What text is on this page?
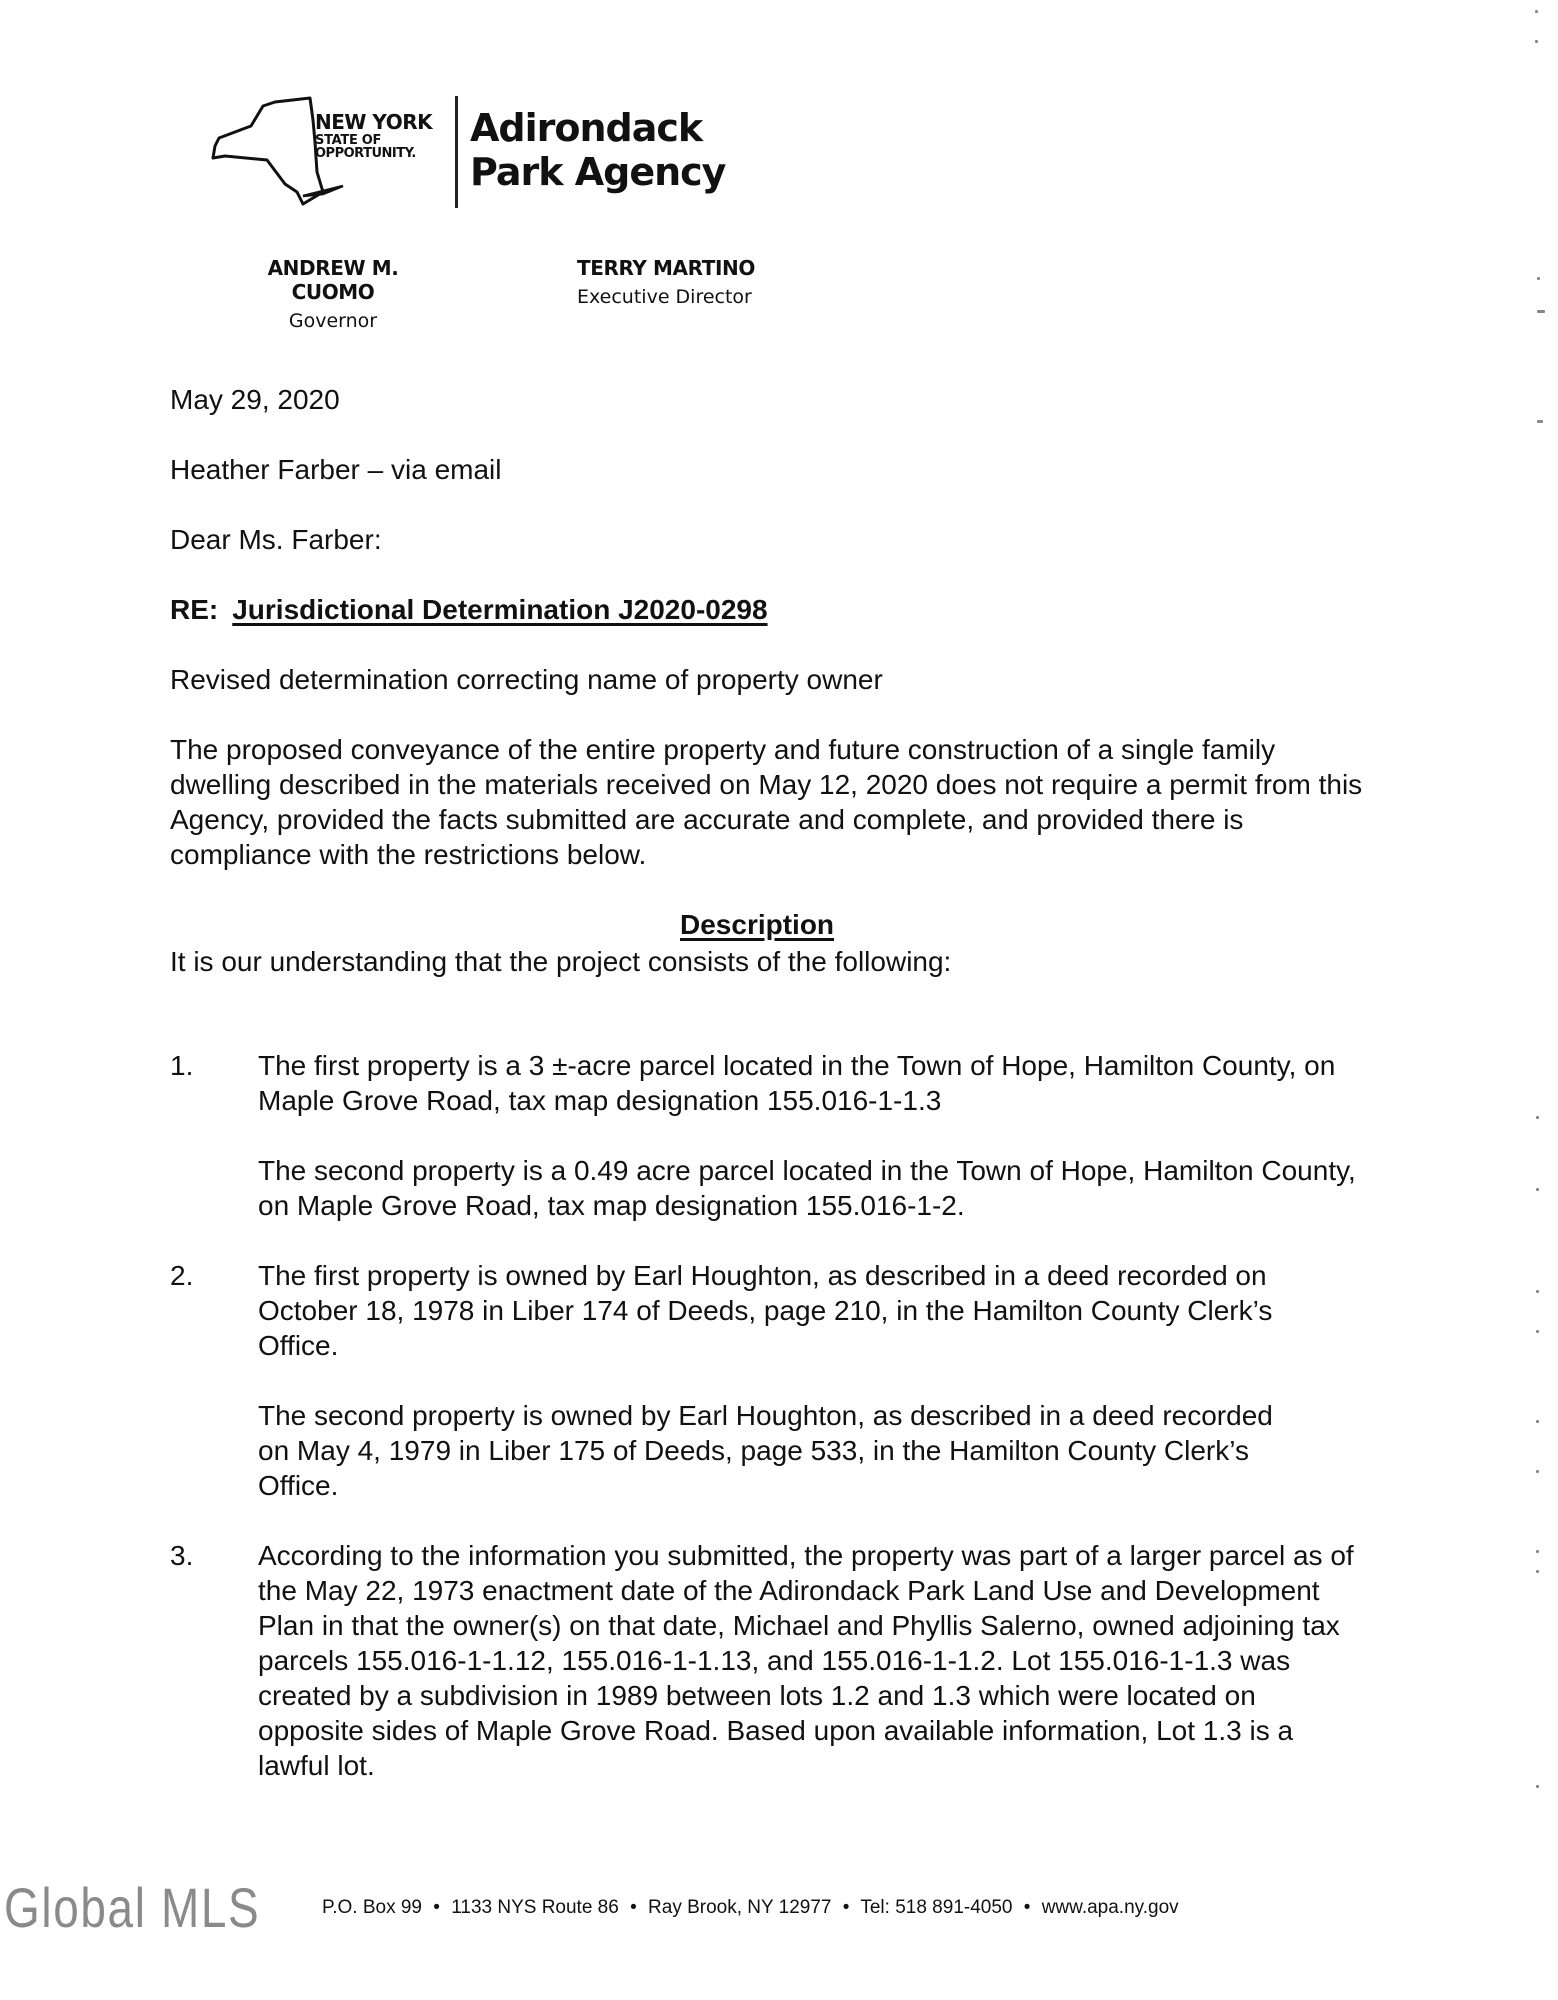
NEW YORK
STATE OF
OPPORTUNITY.
Adirondack
Park Agency
ANDREW M. CUOMO
Governor
TERRY MARTINO
Executive Director
May 29, 2020
Heather Farber – via email
Dear Ms. Farber:
RE: Jurisdictional Determination J2020-0298
Revised determination correcting name of property owner
The proposed conveyance of the entire property and future construction of a single family dwelling described in the materials received on May 12, 2020 does not require a permit from this Agency, provided the facts submitted are accurate and complete, and provided there is compliance with the restrictions below.
Description
It is our understanding that the project consists of the following:
1. The first property is a 3 ±-acre parcel located in the Town of Hope, Hamilton County, on Maple Grove Road, tax map designation 155.016-1-1.3
The second property is a 0.49 acre parcel located in the Town of Hope, Hamilton County, on Maple Grove Road, tax map designation 155.016-1-2.
2. The first property is owned by Earl Houghton, as described in a deed recorded on October 18, 1978 in Liber 174 of Deeds, page 210, in the Hamilton County Clerk’s Office.
The second property is owned by Earl Houghton, as described in a deed recorded on May 4, 1979 in Liber 175 of Deeds, page 533, in the Hamilton County Clerk’s Office.
3. According to the information you submitted, the property was part of a larger parcel as of the May 22, 1973 enactment date of the Adirondack Park Land Use and Development Plan in that the owner(s) on that date, Michael and Phyllis Salerno, owned adjoining tax parcels 155.016-1-1.12, 155.016-1-1.13, and 155.016-1-1.2. Lot 155.016-1-1.3 was created by a subdivision in 1989 between lots 1.2 and 1.3 which were located on opposite sides of Maple Grove Road. Based upon available information, Lot 1.3 is a lawful lot.
Global MLS	P.O. Box 99 • 1133 NYS Route 86 • Ray Brook, NY 12977 • Tel: 518 891-4050 • www.apa.ny.gov
